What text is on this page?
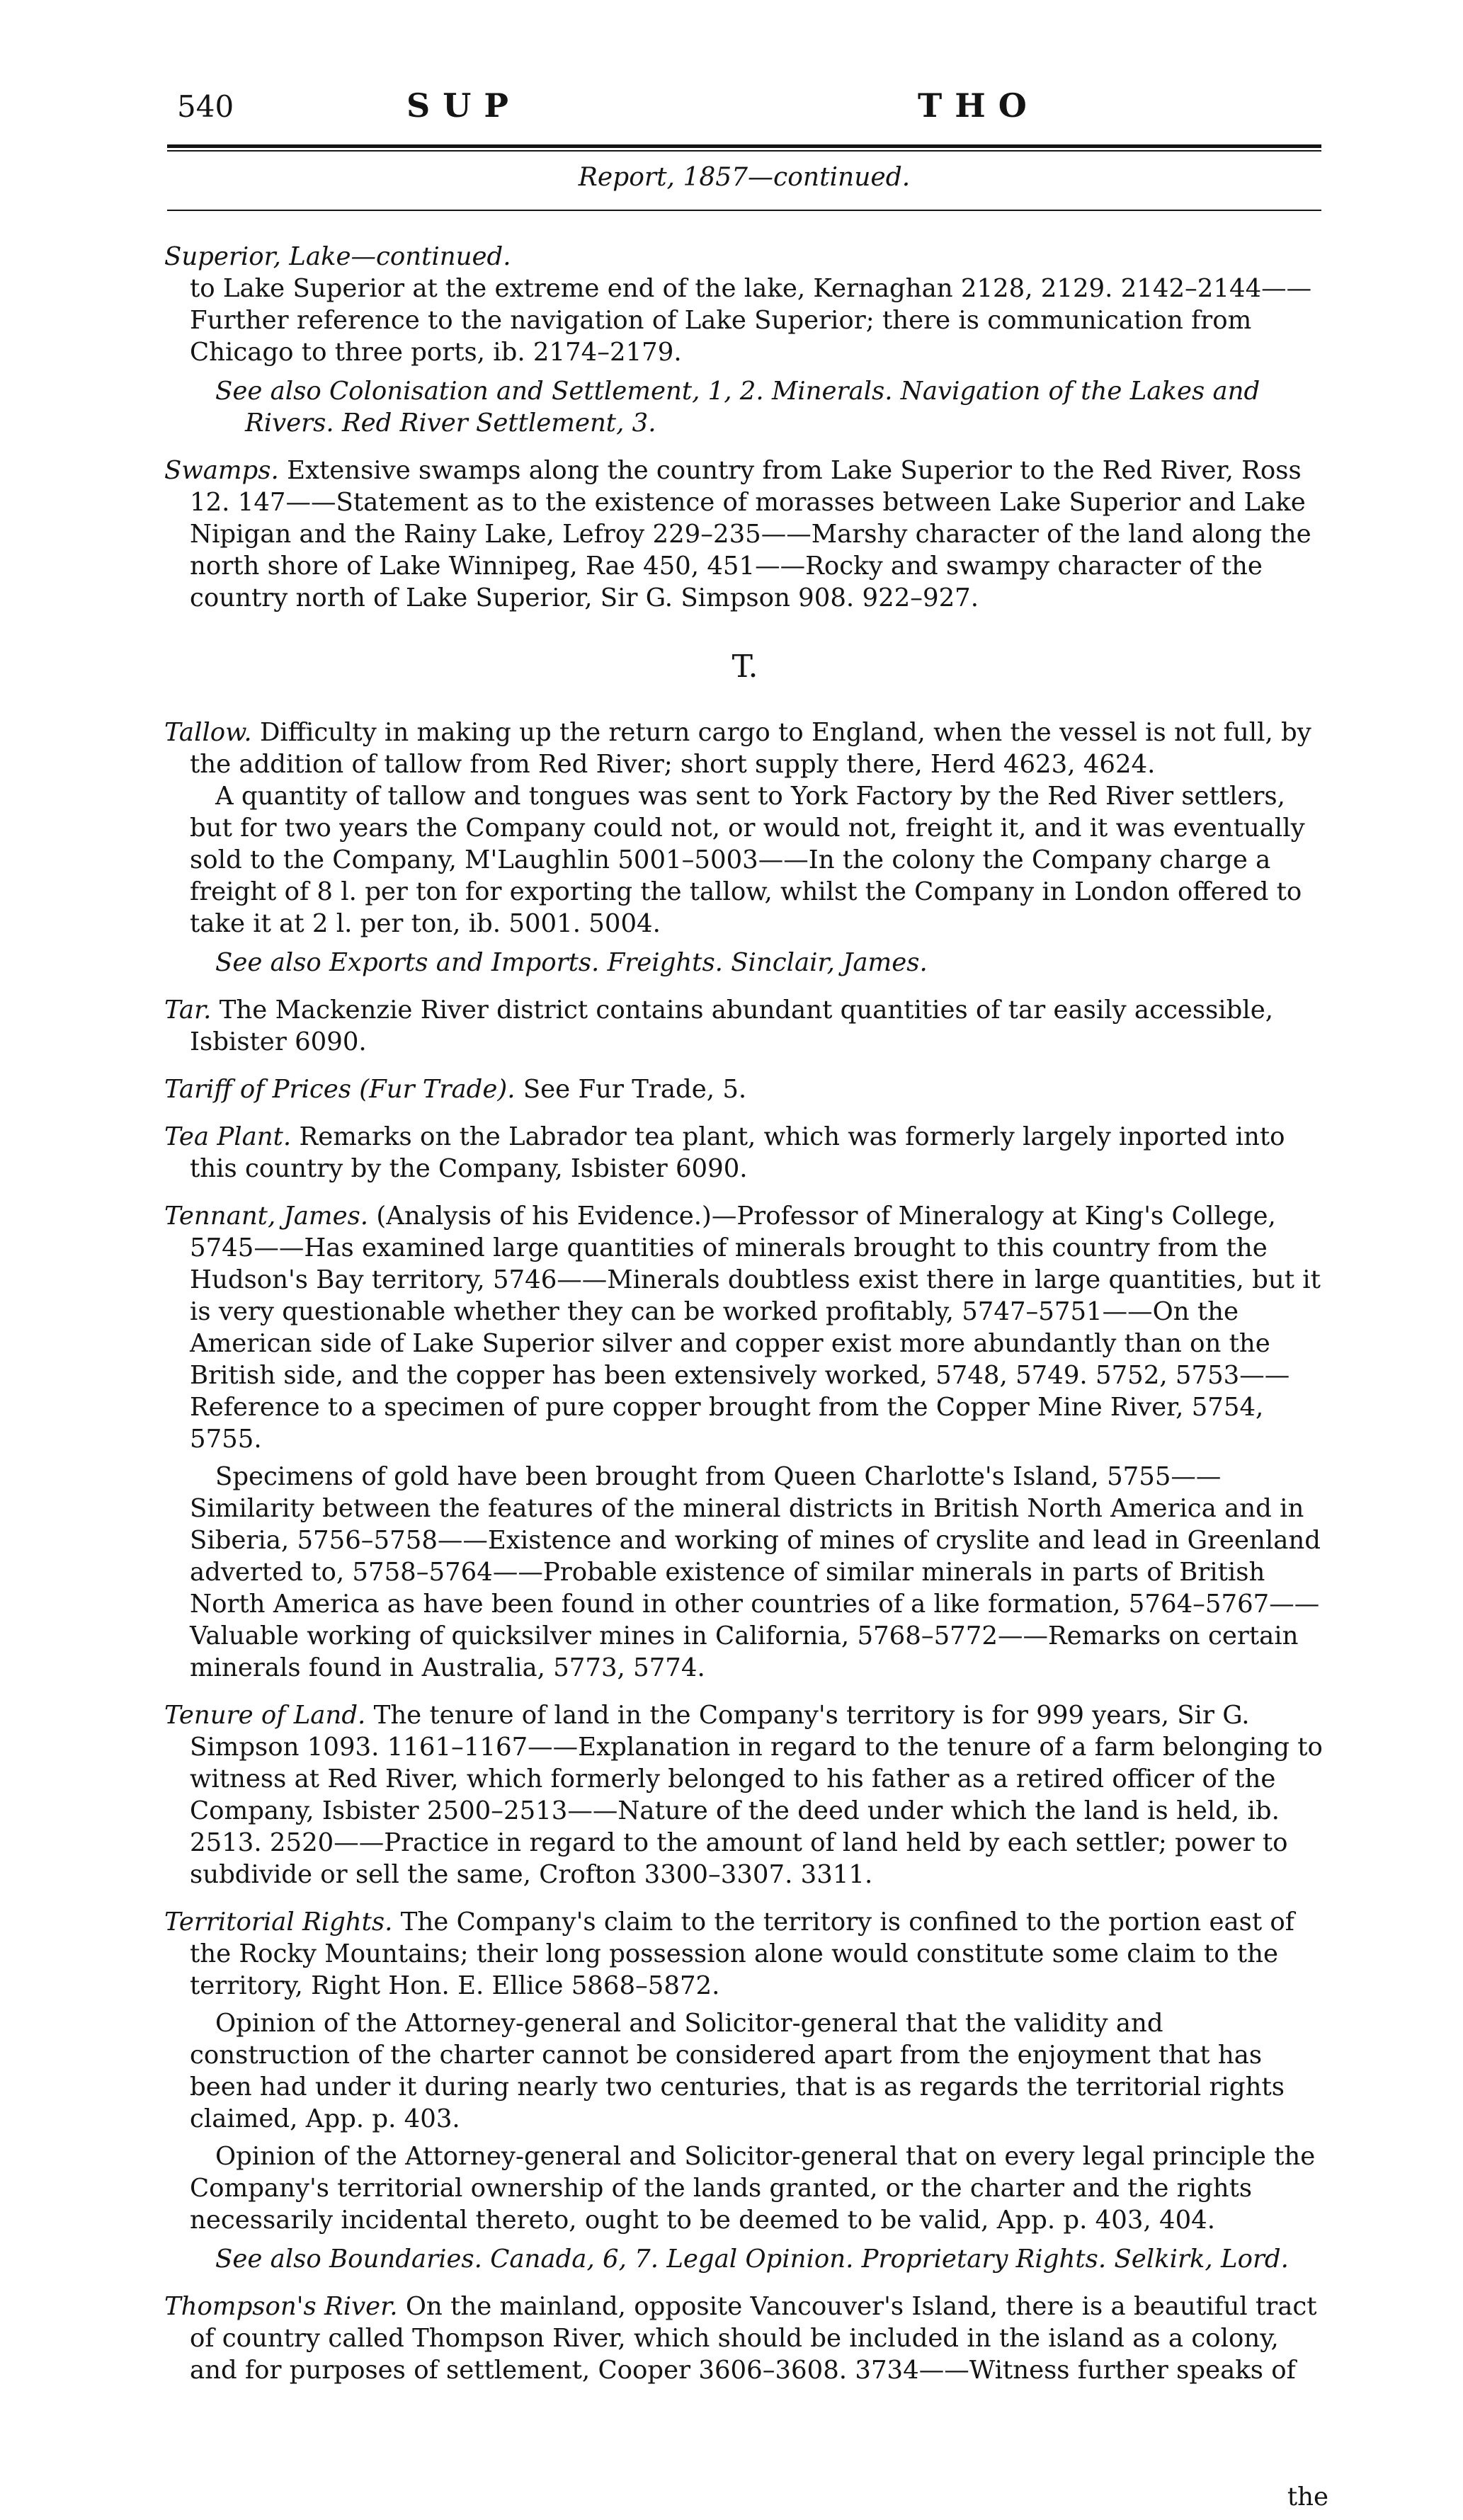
540	SUP	THO
Report, 1857—continued.
Superior, Lake—continued.
to Lake Superior at the extreme end of the lake, Kernaghan 2128, 2129. 2142–2144——Further reference to the navigation of Lake Superior; there is communication from Chicago to three ports, ib. 2174–2179.
See also Colonisation and Settlement, 1, 2. Minerals. Navigation of the Lakes and Rivers. Red River Settlement, 3.
Swamps. Extensive swamps along the country from Lake Superior to the Red River, Ross 12. 147——Statement as to the existence of morasses between Lake Superior and Lake Nipigan and the Rainy Lake, Lefroy 229–235——Marshy character of the land along the north shore of Lake Winnipeg, Rae 450, 451——Rocky and swampy character of the country north of Lake Superior, Sir G. Simpson 908. 922–927.
T.
Tallow. Difficulty in making up the return cargo to England, when the vessel is not full, by the addition of tallow from Red River; short supply there, Herd 4623, 4624.
A quantity of tallow and tongues was sent to York Factory by the Red River settlers, but for two years the Company could not, or would not, freight it, and it was eventually sold to the Company, M'Laughlin 5001–5003——In the colony the Company charge a freight of 8 l. per ton for exporting the tallow, whilst the Company in London offered to take it at 2 l. per ton, ib. 5001. 5004.
See also Exports and Imports. Freights. Sinclair, James.
Tar. The Mackenzie River district contains abundant quantities of tar easily accessible, Isbister 6090.
Tariff of Prices (Fur Trade). See Fur Trade, 5.
Tea Plant. Remarks on the Labrador tea plant, which was formerly largely inported into this country by the Company, Isbister 6090.
Tennant, James. (Analysis of his Evidence.)—Professor of Mineralogy at King's College, 5745——Has examined large quantities of minerals brought to this country from the Hudson's Bay territory, 5746——Minerals doubtless exist there in large quantities, but it is very questionable whether they can be worked profitably, 5747–5751——On the American side of Lake Superior silver and copper exist more abundantly than on the British side, and the copper has been extensively worked, 5748, 5749. 5752, 5753——Reference to a specimen of pure copper brought from the Copper Mine River, 5754, 5755.
Specimens of gold have been brought from Queen Charlotte's Island, 5755——Similarity between the features of the mineral districts in British North America and in Siberia, 5756–5758——Existence and working of mines of cryslite and lead in Greenland adverted to, 5758–5764——Probable existence of similar minerals in parts of British North America as have been found in other countries of a like formation, 5764–5767——Valuable working of quicksilver mines in California, 5768–5772——Remarks on certain minerals found in Australia, 5773, 5774.
Tenure of Land. The tenure of land in the Company's territory is for 999 years, Sir G. Simpson 1093. 1161–1167——Explanation in regard to the tenure of a farm belonging to witness at Red River, which formerly belonged to his father as a retired officer of the Company, Isbister 2500–2513——Nature of the deed under which the land is held, ib. 2513. 2520——Practice in regard to the amount of land held by each settler; power to subdivide or sell the same, Crofton 3300–3307. 3311.
Territorial Rights. The Company's claim to the territory is confined to the portion east of the Rocky Mountains; their long possession alone would constitute some claim to the territory, Right Hon. E. Ellice 5868–5872.
Opinion of the Attorney-general and Solicitor-general that the validity and construction of the charter cannot be considered apart from the enjoyment that has been had under it during nearly two centuries, that is as regards the territorial rights claimed, App. p. 403.
Opinion of the Attorney-general and Solicitor-general that on every legal principle the Company's territorial ownership of the lands granted, or the charter and the rights necessarily incidental thereto, ought to be deemed to be valid, App. p. 403, 404.
See also Boundaries. Canada, 6, 7. Legal Opinion. Proprietary Rights. Selkirk, Lord.
Thompson's River. On the mainland, opposite Vancouver's Island, there is a beautiful tract of country called Thompson River, which should be included in the island as a colony, and for purposes of settlement, Cooper 3606–3608. 3734——Witness further speaks of
the
